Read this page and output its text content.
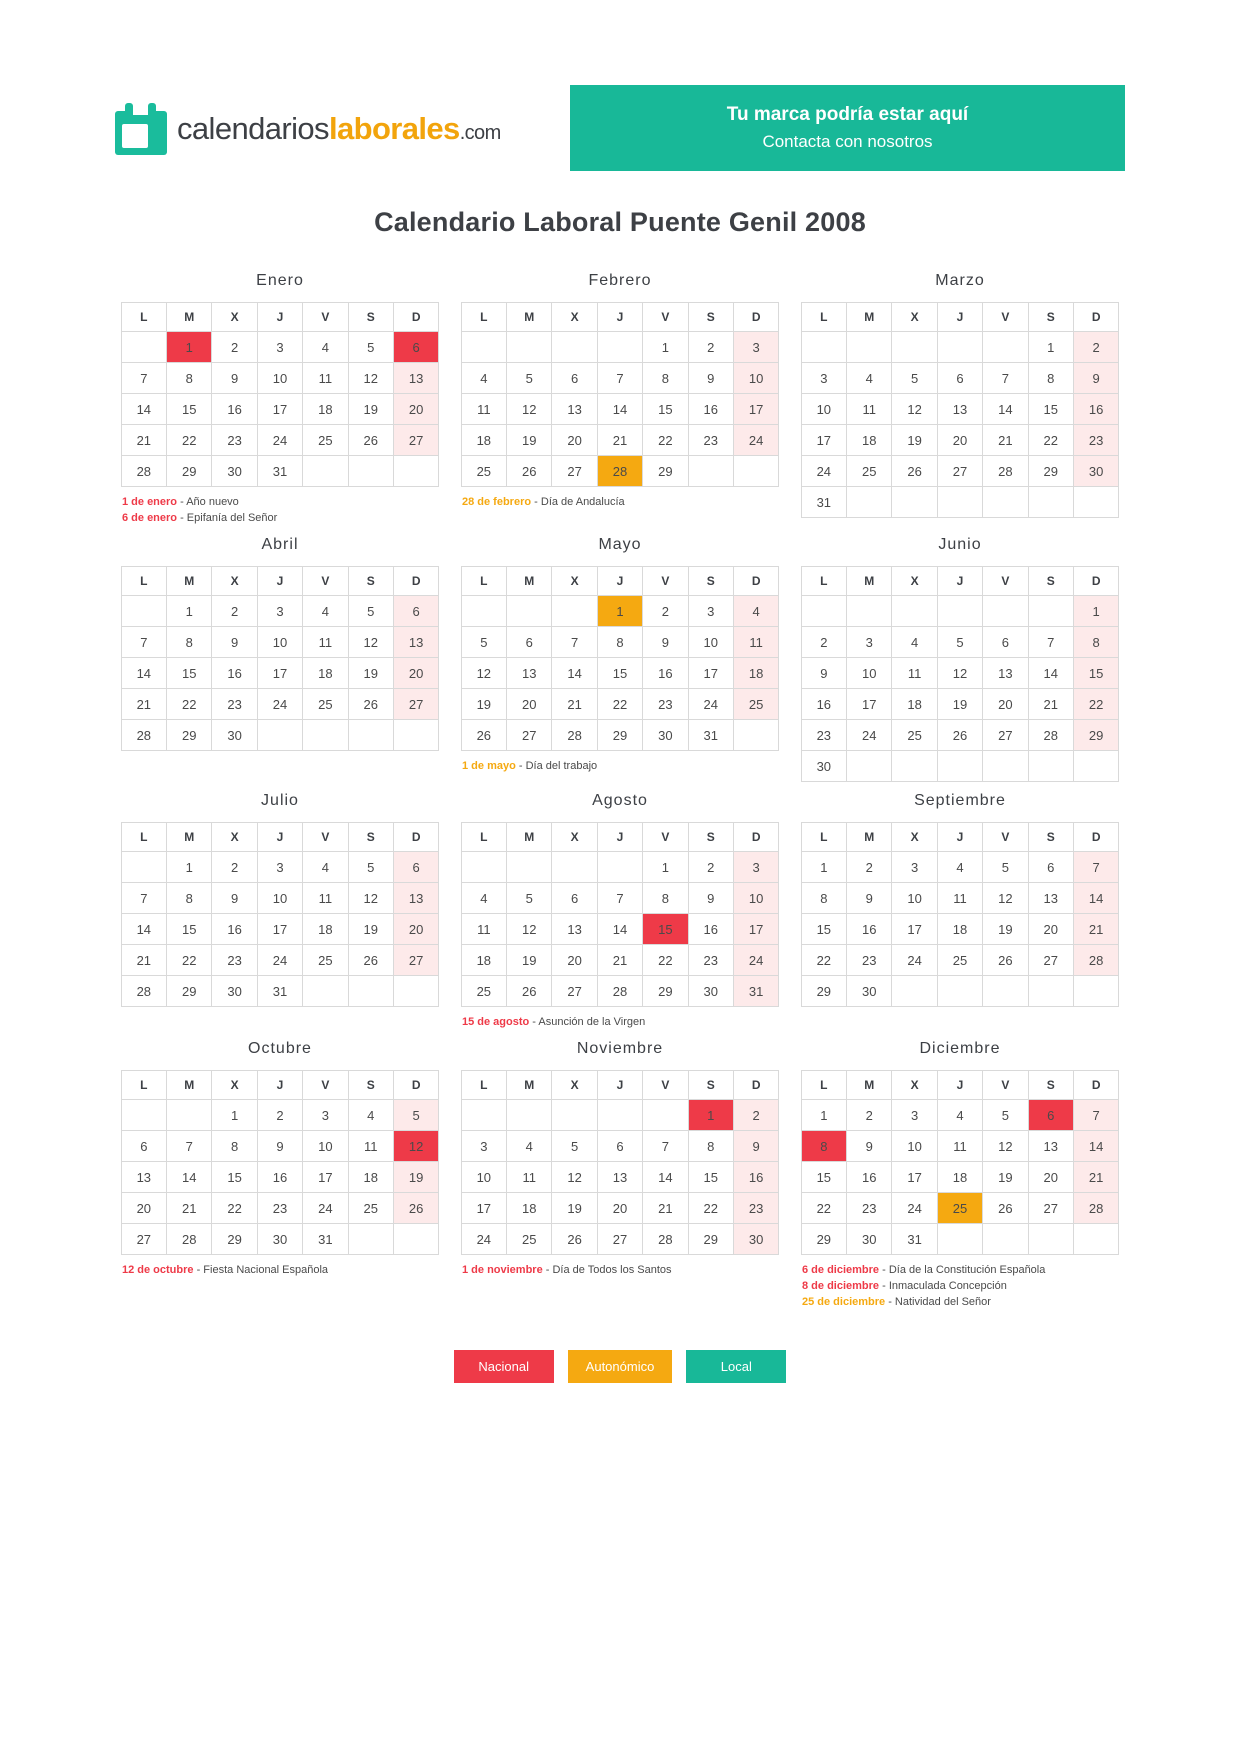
calendarioslaborales.com
Tu marca podría estar aquí
Contacta con nosotros
Calendario Laboral Puente Genil 2008
Enero
L	M	X	J	V	S	D
	1	2	3	4	5	6
7	8	9	10	11	12	13
14	15	16	17	18	19	20
21	22	23	24	25	26	27
28	29	30	31			
1 de enero - Año nuevo
6 de enero - Epifanía del Señor
Febrero
L	M	X	J	V	S	D
				1	2	3
4	5	6	7	8	9	10
11	12	13	14	15	16	17
18	19	20	21	22	23	24
25	26	27	28	29		
28 de febrero - Día de Andalucía
Marzo
L	M	X	J	V	S	D
					1	2
3	4	5	6	7	8	9
10	11	12	13	14	15	16
17	18	19	20	21	22	23
24	25	26	27	28	29	30
31						
Abril
L	M	X	J	V	S	D
	1	2	3	4	5	6
7	8	9	10	11	12	13
14	15	16	17	18	19	20
21	22	23	24	25	26	27
28	29	30				
Mayo
L	M	X	J	V	S	D
			1	2	3	4
5	6	7	8	9	10	11
12	13	14	15	16	17	18
19	20	21	22	23	24	25
26	27	28	29	30	31	
1 de mayo - Día del trabajo
Junio
L	M	X	J	V	S	D
						1
2	3	4	5	6	7	8
9	10	11	12	13	14	15
16	17	18	19	20	21	22
23	24	25	26	27	28	29
30						
Julio
L	M	X	J	V	S	D
	1	2	3	4	5	6
7	8	9	10	11	12	13
14	15	16	17	18	19	20
21	22	23	24	25	26	27
28	29	30	31			
Agosto
L	M	X	J	V	S	D
				1	2	3
4	5	6	7	8	9	10
11	12	13	14	15	16	17
18	19	20	21	22	23	24
25	26	27	28	29	30	31
15 de agosto - Asunción de la Virgen
Septiembre
L	M	X	J	V	S	D
1	2	3	4	5	6	7
8	9	10	11	12	13	14
15	16	17	18	19	20	21
22	23	24	25	26	27	28
29	30					
Octubre
L	M	X	J	V	S	D
		1	2	3	4	5
6	7	8	9	10	11	12
13	14	15	16	17	18	19
20	21	22	23	24	25	26
27	28	29	30	31		
12 de octubre - Fiesta Nacional Española
Noviembre
L	M	X	J	V	S	D
					1	2
3	4	5	6	7	8	9
10	11	12	13	14	15	16
17	18	19	20	21	22	23
24	25	26	27	28	29	30
1 de noviembre - Día de Todos los Santos
Diciembre
L	M	X	J	V	S	D
1	2	3	4	5	6	7
8	9	10	11	12	13	14
15	16	17	18	19	20	21
22	23	24	25	26	27	28
29	30	31				
6 de diciembre - Día de la Constitución Española
8 de diciembre - Inmaculada Concepción
25 de diciembre - Natividad del Señor
Nacional	Autonómico	Local
